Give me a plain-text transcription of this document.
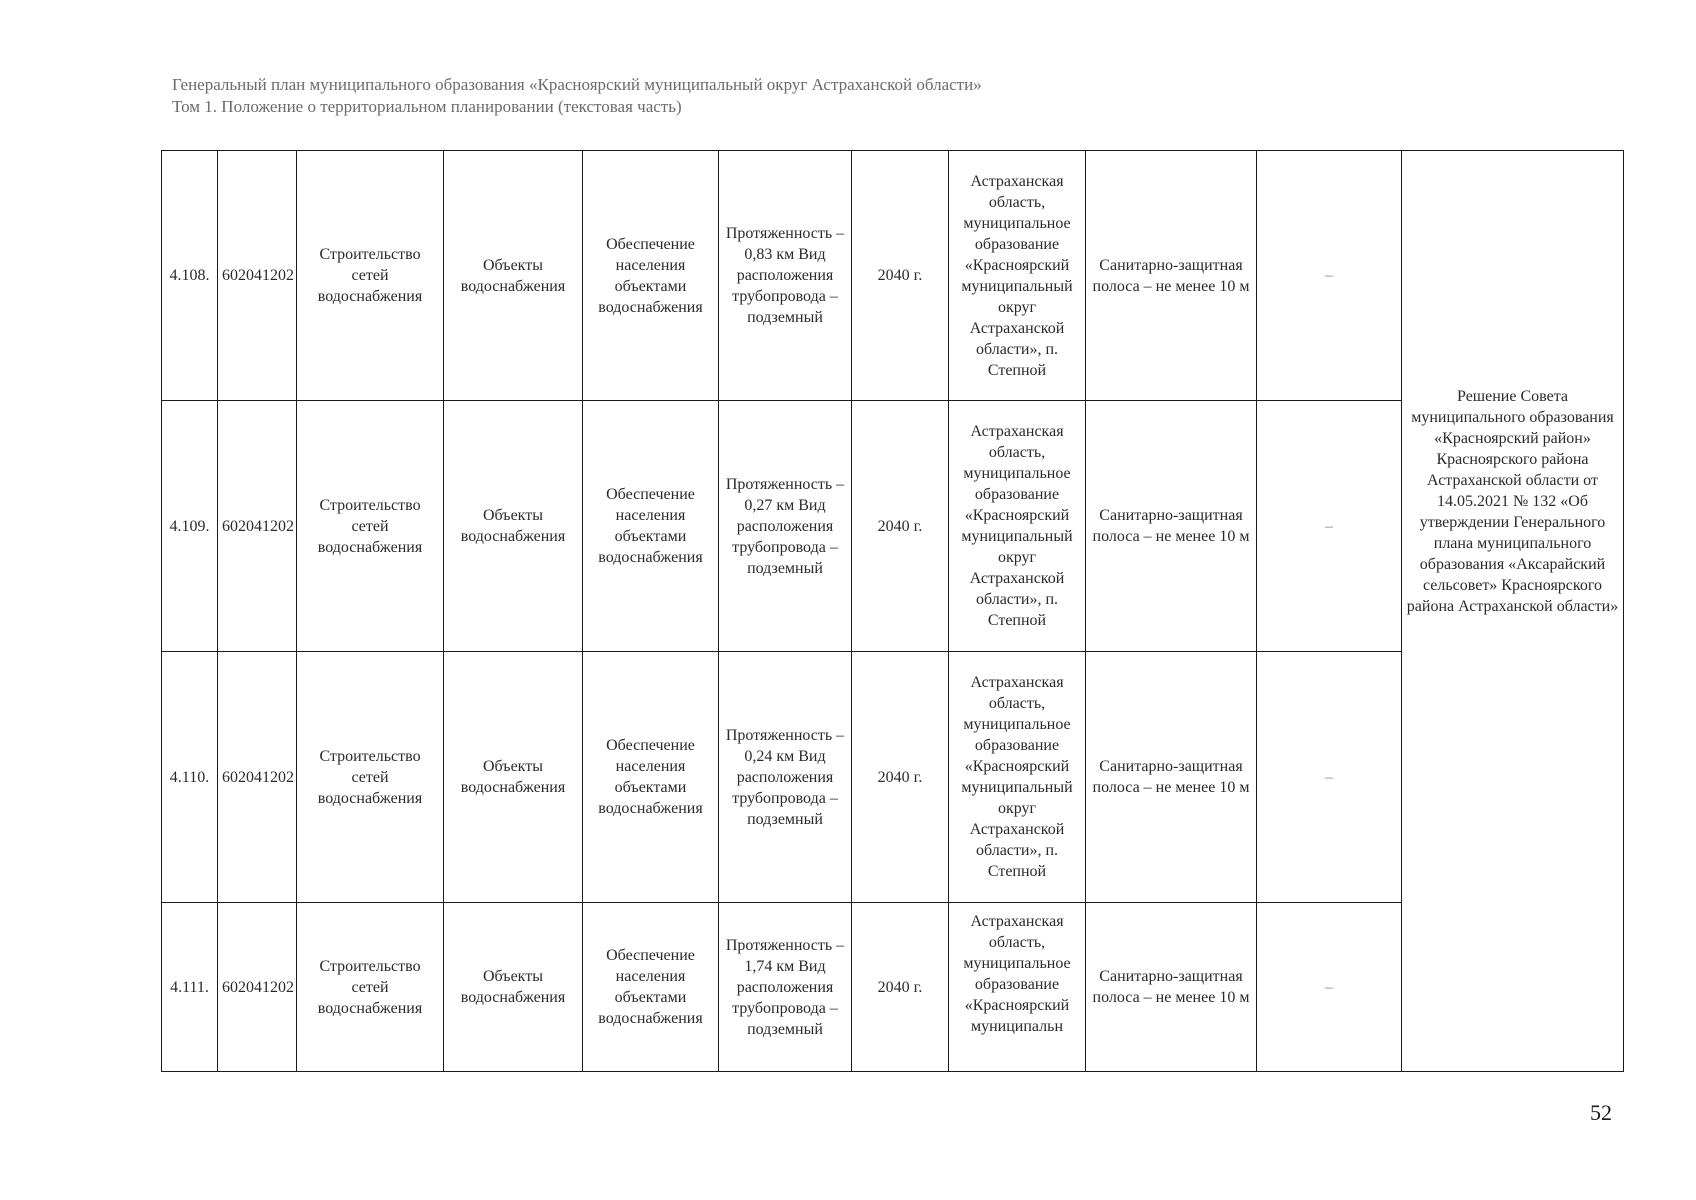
Генеральный план муниципального образования «Красноярский муниципальный округ Астраханской области»
Том 1. Положение о территориальном планировании (текстовая часть)
4.108.	602041202	Строительство сетей водоснабжения	Объекты водоснабжения	Обеспечение населения объектами водоснабжения	Протяженность – 0,83 км Вид расположения трубопровода – подземный	2040 г.	Астраханская область, муниципальное образование «Красноярский муниципальный округ Астраханской области», п. Степной	Санитарно-защитная полоса – не менее 10 м	–	Решение Совета муниципального образования «Красноярский район» Красноярского района Астраханской области от 14.05.2021 № 132 «Об утверждении Генерального плана муниципального образования «Аксарайский сельсовет» Красноярского района Астраханской области»
4.109.	602041202	Строительство сетей водоснабжения	Объекты водоснабжения	Обеспечение населения объектами водоснабжения	Протяженность – 0,27 км Вид расположения трубопровода – подземный	2040 г.	Астраханская область, муниципальное образование «Красноярский муниципальный округ Астраханской области», п. Степной	Санитарно-защитная полоса – не менее 10 м	–	
4.110.	602041202	Строительство сетей водоснабжения	Объекты водоснабжения	Обеспечение населения объектами водоснабжения	Протяженность – 0,24 км Вид расположения трубопровода – подземный	2040 г.	Астраханская область, муниципальное образование «Красноярский муниципальный округ Астраханской области», п. Степной	Санитарно-защитная полоса – не менее 10 м	–	
4.111.	602041202	Строительство сетей водоснабжения	Объекты водоснабжения	Обеспечение населения объектами водоснабжения	Протяженность – 1,74 км Вид расположения трубопровода – подземный	2040 г.	Астраханская область, муниципальное образование «Красноярский муниципальн	Санитарно-защитная полоса – не менее 10 м	–	
52
